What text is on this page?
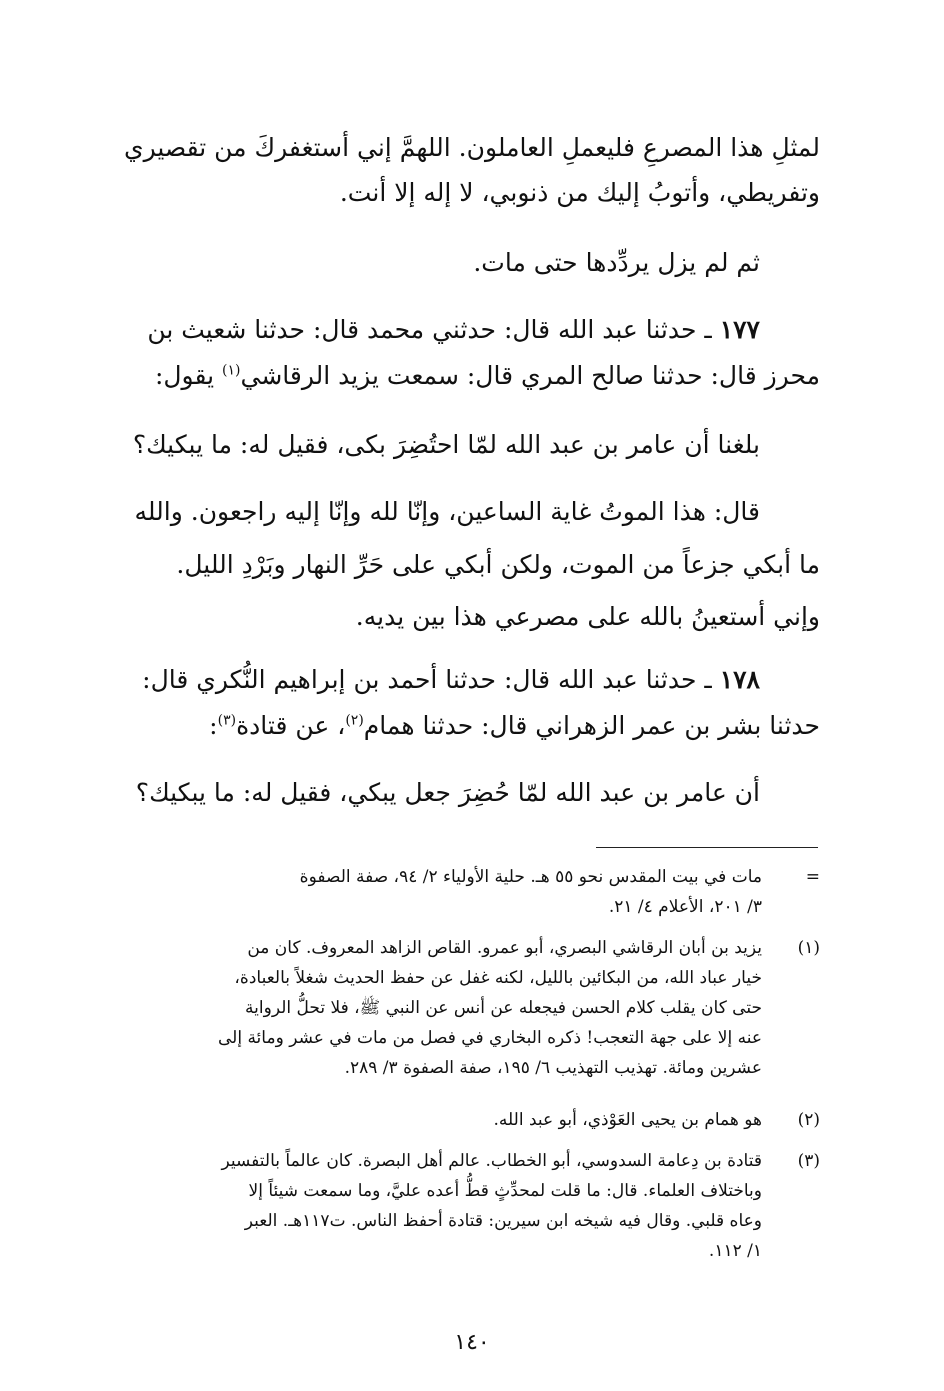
لمثلِ هذا المصرعِ فليعملِ العاملون. اللهمَّ إني أستغفركَ من تقصيري
وتفريطي، وأتوبُ إليك من ذنوبي، لا إله إلا أنت.
ثم لم يزل يردِّدها حتى مات.
١٧٧ ـ حدثنا عبد الله قال: حدثني محمد قال: حدثنا شعيث بن
محرز قال: حدثنا صالح المري قال: سمعت يزيد الرقاشي$^{(١)}$ يقول:
بلغنا أن عامر بن عبد الله لمّا احتُضِرَ بكى، فقيل له: ما يبكيك؟
قال: هذا الموتُ غاية الساعين، وإنّا لله وإنّا إليه راجعون. والله
ما أبكي جزعاً من الموت، ولكن أبكي على حَرِّ النهار وبَرْدِ الليل.
وإني أستعينُ بالله على مصرعي هذا بين يديه.
١٧٨ ـ حدثنا عبد الله قال: حدثنا أحمد بن إبراهيم النُّكري قال:
حدثنا بشر بن عمر الزهراني قال: حدثنا همام$^{(٢)}$، عن قتادة$^{(٣)}$:
أن عامر بن عبد الله لمّا حُضِرَ جعل يبكي، فقيل له: ما يبكيك؟
=
مات في بيت المقدس نحو ٥٥ هـ. حلية الأولياء ٢/ ٩٤، صفة الصفوة
٣/ ٢٠١، الأعلام ٤/ ٢١.
(١)
يزيد بن أبان الرقاشي البصري، أبو عمرو. القاص الزاهد المعروف. كان من
خيار عباد الله، من البكائين بالليل، لكنه غفل عن حفظ الحديث شغلاً بالعبادة،
حتى كان يقلب كلام الحسن فيجعله عن أنس عن النبي ﷺ، فلا تحلُّ الرواية
عنه إلا على جهة التعجب! ذكره البخاري في فصل من مات في عشر ومائة إلى
عشرين ومائة. تهذيب التهذيب ٦/ ١٩٥، صفة الصفوة ٣/ ٢٨٩.
(٢)
هو همام بن يحيى العَوْذي، أبو عبد الله.
(٣)
قتادة بن دِعامة السدوسي، أبو الخطاب. عالم أهل البصرة. كان عالماً بالتفسير
وباختلاف العلماء. قال: ما قلت لمحدِّثٍ قطُّ أعده عليَّ، وما سمعت شيئاً إلا
وعاه قلبي. وقال فيه شيخه ابن سيرين: قتادة أحفظ الناس. ت١١٧هـ. العبر
١/ ١١٢.
١٤٠
